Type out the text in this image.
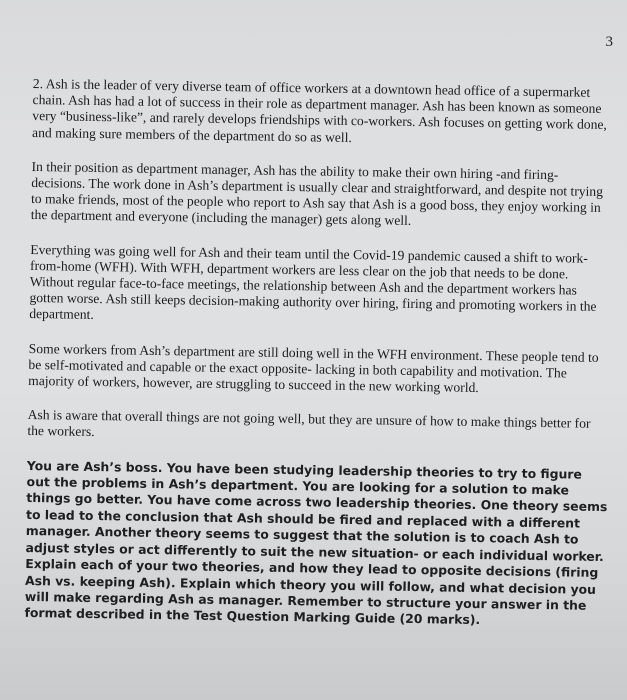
3

2. Ash is the leader of very diverse team of office workers at a downtown head office of a supermarket chain. Ash has had a lot of success in their role as department manager. Ash has been known as someone very “business-like”, and rarely develops friendships with co-workers. Ash focuses on getting work done, and making sure members of the department do so as well.

In their position as department manager, Ash has the ability to make their own hiring -and firing- decisions. The work done in Ash’s department is usually clear and straightforward, and despite not trying to make friends, most of the people who report to Ash say that Ash is a good boss, they enjoy working in the department and everyone (including the manager) gets along well.

Everything was going well for Ash and their team until the Covid-19 pandemic caused a shift to work-from-home (WFH). With WFH, department workers are less clear on the job that needs to be done. Without regular face-to-face meetings, the relationship between Ash and the department workers has gotten worse. Ash still keeps decision-making authority over hiring, firing and promoting workers in the department.

Some workers from Ash’s department are still doing well in the WFH environment. These people tend to be self-motivated and capable or the exact opposite- lacking in both capability and motivation. The majority of workers, however, are struggling to succeed in the new working world.

Ash is aware that overall things are not going well, but they are unsure of how to make things better for the workers.

You are Ash’s boss. You have been studying leadership theories to try to figure out the problems in Ash’s department. You are looking for a solution to make things go better. You have come across two leadership theories. One theory seems to lead to the conclusion that Ash should be fired and replaced with a different manager. Another theory seems to suggest that the solution is to coach Ash to adjust styles or act differently to suit the new situation- or each individual worker. Explain each of your two theories, and how they lead to opposite decisions (firing Ash vs. keeping Ash). Explain which theory you will follow, and what decision you will make regarding Ash as manager. Remember to structure your answer in the format described in the Test Question Marking Guide (20 marks).
